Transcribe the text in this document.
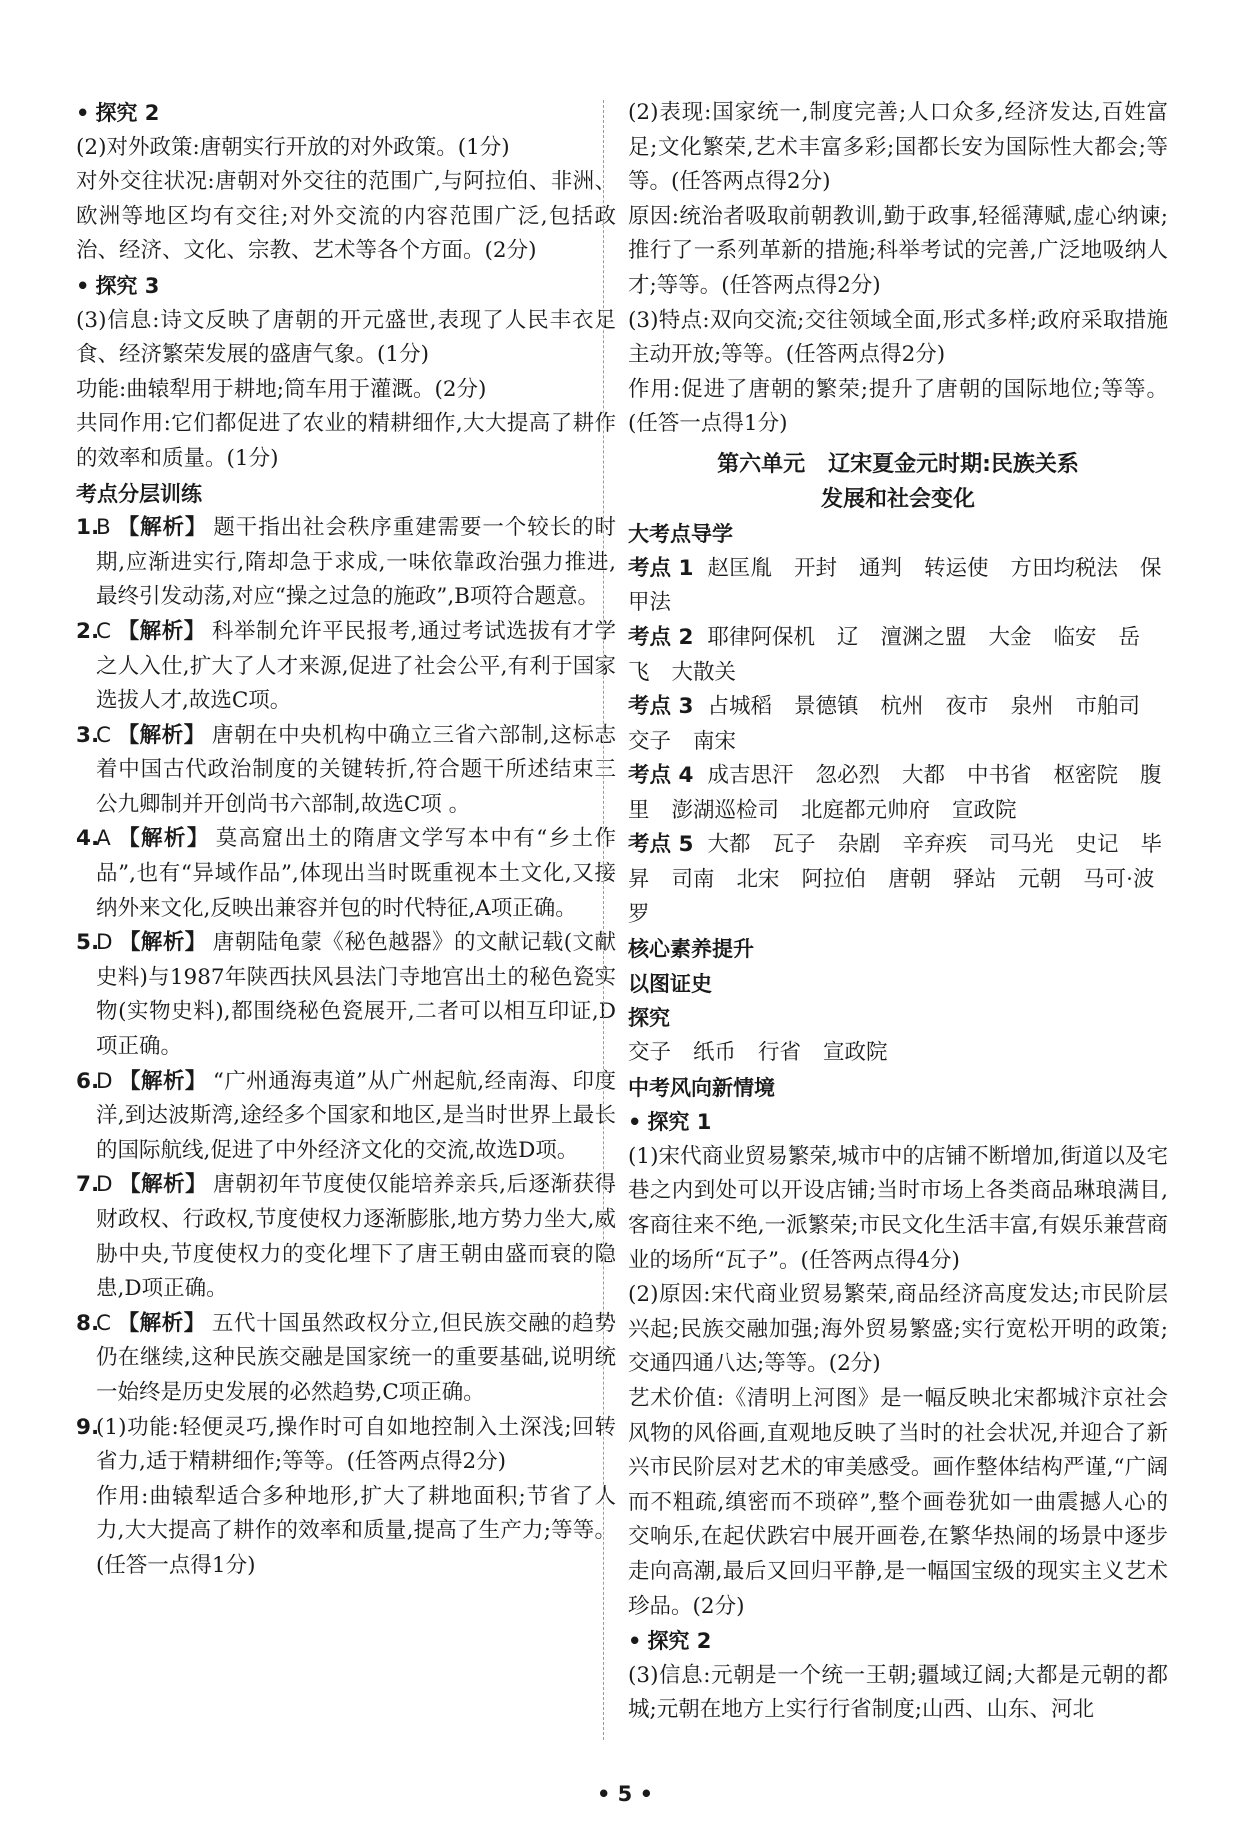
• 探究 2

(2)对外政策:唐朝实行开放的对外政策。(1分)

对外交往状况:唐朝对外交往的范围广,与阿拉伯、非洲、欧洲等地区均有交往;对外交流的内容范围广泛,包括政治、经济、文化、宗教、艺术等各个方面。(2分)

• 探究 3

(3)信息:诗文反映了唐朝的开元盛世,表现了人民丰衣足食、经济繁荣发展的盛唐气象。(1分)

功能:曲辕犁用于耕地;筒车用于灌溉。(2分)

共同作用:它们都促进了农业的精耕细作,大大提高了耕作的效率和质量。(1分)

考点分层训练

1.
B 【解析】 题干指出社会秩序重建需要一个较长的时期,应渐进实行,隋却急于求成,一味依靠政治强力推进,最终引发动荡,对应“操之过急的施政”,B项符合题意。
2.
C 【解析】 科举制允许平民报考,通过考试选拔有才学之人入仕,扩大了人才来源,促进了社会公平,有利于国家选拔人才,故选C项。
3.
C 【解析】 唐朝在中央机构中确立三省六部制,这标志着中国古代政治制度的关键转折,符合题干所述结束三公九卿制并开创尚书六部制,故选C项 。
4.
A 【解析】 莫高窟出土的隋唐文学写本中有“乡土作品”,也有“异域作品”,体现出当时既重视本土文化,又接纳外来文化,反映出兼容并包的时代特征,A项正确。
5.
D 【解析】 唐朝陆龟蒙《秘色越器》的文献记载(文献史料)与1987年陕西扶风县法门寺地宫出土的秘色瓷实物(实物史料),都围绕秘色瓷展开,二者可以相互印证,D项正确。
6.
D 【解析】 “广州通海夷道”从广州起航,经南海、印度洋,到达波斯湾,途经多个国家和地区,是当时世界上最长的国际航线,促进了中外经济文化的交流,故选D项。
7.
D 【解析】 唐朝初年节度使仅能培养亲兵,后逐渐获得财政权、行政权,节度使权力逐渐膨胀,地方势力坐大,威胁中央,节度使权力的变化埋下了唐王朝由盛而衰的隐患,D项正确。
8.
C 【解析】 五代十国虽然政权分立,但民族交融的趋势仍在继续,这种民族交融是国家统一的重要基础,说明统一始终是历史发展的必然趋势,C项正确。
9.
(1)功能:轻便灵巧,操作时可自如地控制入土深浅;回转省力,适于精耕细作;等等。(任答两点得2分)
作用:曲辕犁适合多种地形,扩大了耕地面积;节省了人力,大大提高了耕作的效率和质量,提高了生产力;等等。(任答一点得1分)

(2)表现:国家统一,制度完善;人口众多,经济发达,百姓富足;文化繁荣,艺术丰富多彩;国都长安为国际性大都会;等等。(任答两点得2分)

原因:统治者吸取前朝教训,勤于政事,轻徭薄赋,虚心纳谏;推行了一系列革新的措施;科举考试的完善,广泛地吸纳人才;等等。(任答两点得2分)

(3)特点:双向交流;交往领域全面,形式多样;政府采取措施主动开放;等等。(任答两点得2分)

作用:促进了唐朝的繁荣;提升了唐朝的国际地位;等等。(任答一点得1分)

第六单元   辽宋夏金元时期:民族关系

发展和社会变化

大考点导学

考点 1 赵匡胤 开封 通判 转运使 方田均税法 保甲法

考点 2 耶律阿保机 辽 澶渊之盟 大金 临安 岳飞 大散关

考点 3 占城稻 景德镇 杭州 夜市 泉州 市舶司交子 南宋

考点 4 成吉思汗 忽必烈 大都 中书省 枢密院 腹里 澎湖巡检司 北庭都元帅府 宣政院

考点 5 大都 瓦子 杂剧 辛弃疾 司马光 史记 毕昇 司南 北宋 阿拉伯 唐朝 驿站 元朝 马可·波罗

核心素养提升

以图证史

探究

交子 纸币 行省 宣政院

中考风向新情境

• 探究 1

(1)宋代商业贸易繁荣,城市中的店铺不断增加,街道以及宅巷之内到处可以开设店铺;当时市场上各类商品琳琅满目,客商往来不绝,一派繁荣;市民文化生活丰富,有娱乐兼营商业的场所“瓦子”。(任答两点得4分)

(2)原因:宋代商业贸易繁荣,商品经济高度发达;市民阶层兴起;民族交融加强;海外贸易繁盛;实行宽松开明的政策;交通四通八达;等等。(2分)

艺术价值:《清明上河图》是一幅反映北宋都城汴京社会风物的风俗画,直观地反映了当时的社会状况,并迎合了新兴市民阶层对艺术的审美感受。画作整体结构严谨,“广阔而不粗疏,缜密而不琐碎”,整个画卷犹如一曲震撼人心的交响乐,在起伏跌宕中展开画卷,在繁华热闹的场景中逐步走向高潮,最后又回归平静,是一幅国宝级的现实主义艺术珍品。(2分)

• 探究 2

(3)信息:元朝是一个统一王朝;疆域辽阔;大都是元朝的都城;元朝在地方上实行行省制度;山西、山东、河北

• 5 •
